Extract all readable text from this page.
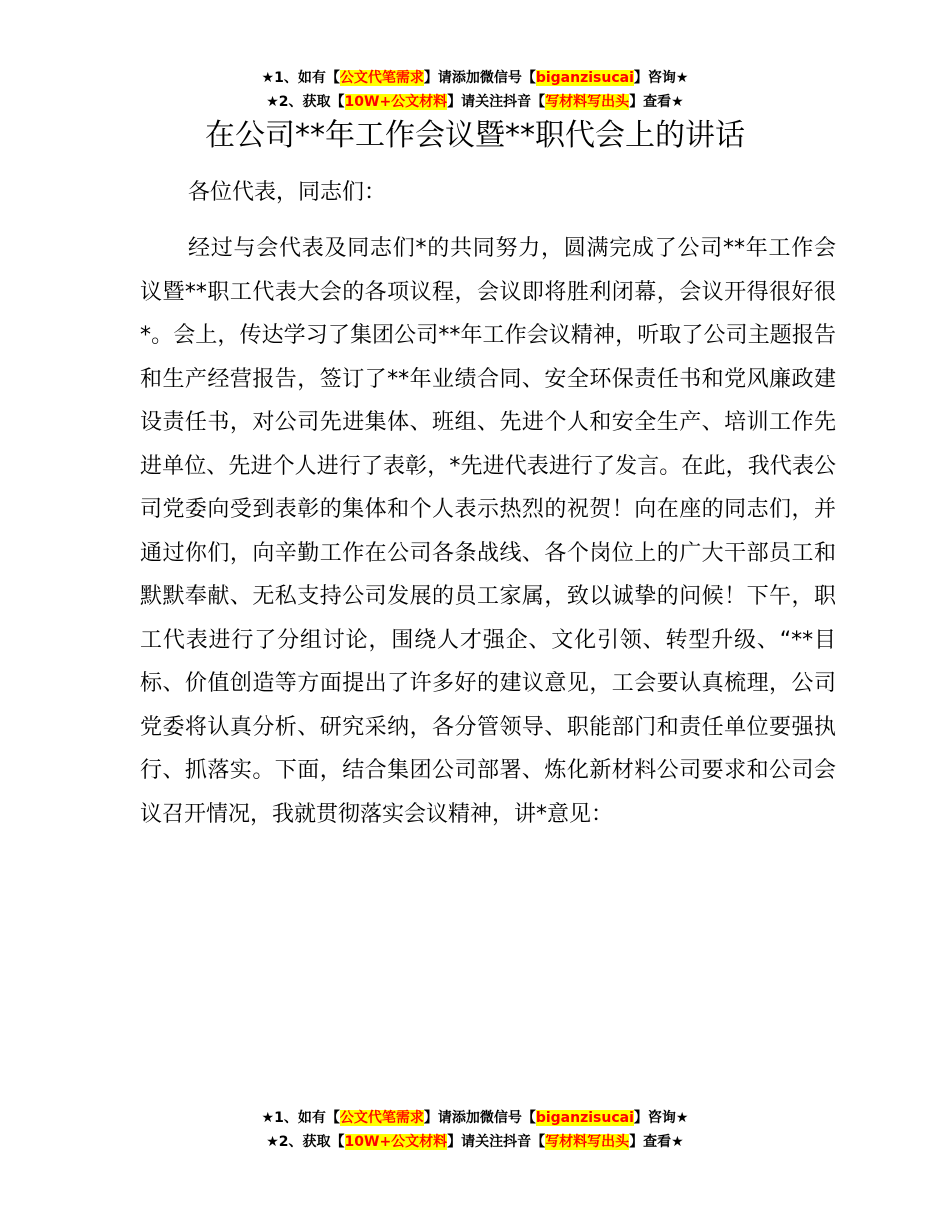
★1、如有【公文代笔需求】请添加微信号【biganzisucai】咨询★
★2、获取【10W+公文材料】请关注抖音【写材料写出头】查看★
在公司**年工作会议暨**职代会上的讲话
各位代表，同志们：

经过与会代表及同志们*的共同努力，圆满完成了公司**年工作会议暨**职工代表大会的各项议程，会议即将胜利闭幕，会议开得很好很*。会上，传达学习了集团公司**年工作会议精神，听取了公司主题报告和生产经营报告，签订了**年业绩合同、安全环保责任书和党风廉政建设责任书，对公司先进集体、班组、先进个人和安全生产、培训工作先进单位、先进个人进行了表彰，*先进代表进行了发言。在此，我代表公司党委向受到表彰的集体和个人表示热烈的祝贺！向在座的同志们，并通过你们，向辛勤工作在公司各条战线、各个岗位上的广大干部员工和默默奉献、无私支持公司发展的员工家属，致以诚挚的问候！下午，职工代表进行了分组讨论，围绕人才强企、文化引领、转型升级、“**目标、价值创造等方面提出了许多好的建议意见，工会要认真梳理，公司党委将认真分析、研究采纳，各分管领导、职能部门和责任单位要强执行、抓落实。下面，结合集团公司部署、炼化新材料公司要求和公司会议召开情况，我就贯彻落实会议精神，讲*意见：

★1、如有【公文代笔需求】请添加微信号【biganzisucai】咨询★
★2、获取【10W+公文材料】请关注抖音【写材料写出头】查看★
